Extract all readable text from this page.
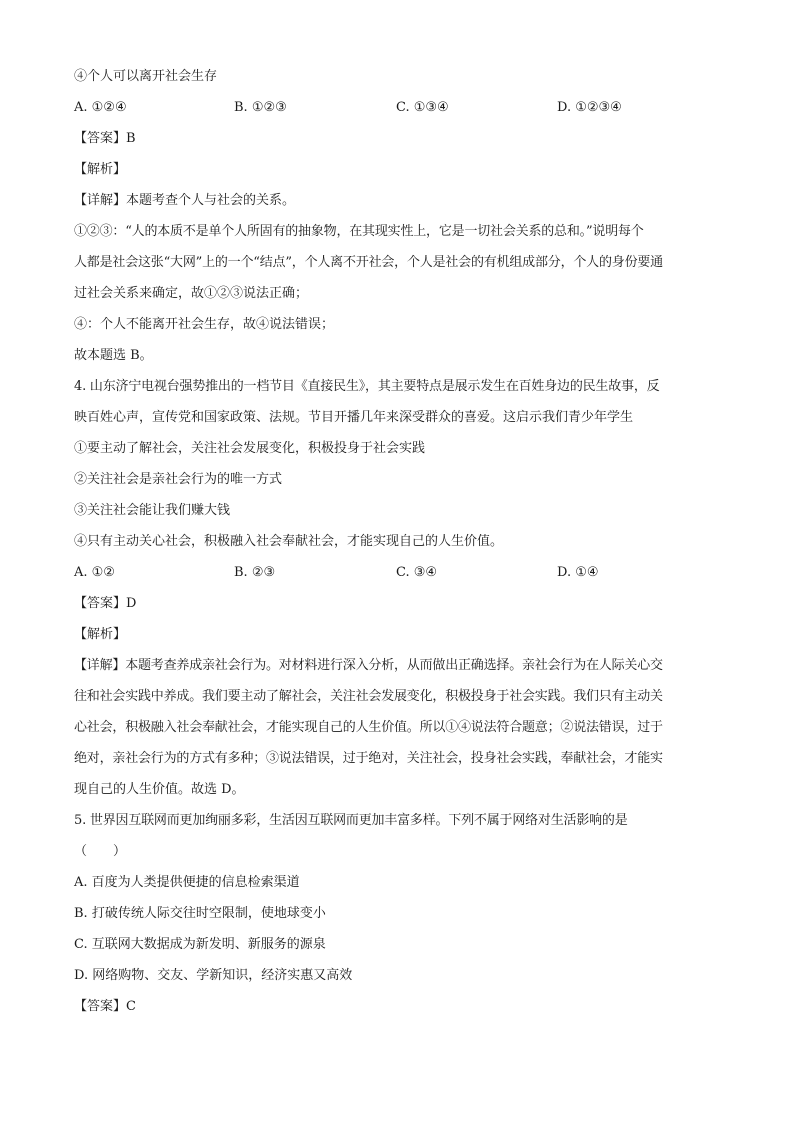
④个人可以离开社会生存
A. ①②④	B. ①②③	C. ①③④	D. ①②③④
【答案】B
【解析】
【详解】本题考查个人与社会的关系。
①②③：“人的本质不是单个人所固有的抽象物，在其现实性上，它是一切社会关系的总和。”说明每个
人都是社会这张“大网”上的一个“结点”，个人离不开社会，个人是社会的有机组成部分，个人的身份要通
过社会关系来确定，故①②③说法正确；
④：个人不能离开社会生存，故④说法错误；
故本题选 B。
4. 山东济宁电视台强势推出的一档节目《直接民生》，其主要特点是展示发生在百姓身边的民生故事，反
映百姓心声，宣传党和国家政策、法规。节目开播几年来深受群众的喜爱。这启示我们青少年学生
①要主动了解社会，关注社会发展变化，积极投身于社会实践
②关注社会是亲社会行为的唯一方式
③关注社会能让我们赚大钱
④只有主动关心社会，积极融入社会奉献社会，才能实现自己的人生价值。
A. ①②	B. ②③	C. ③④	D. ①④
【答案】D
【解析】
【详解】本题考查养成亲社会行为。对材料进行深入分析，从而做出正确选择。亲社会行为在人际关心交
往和社会实践中养成。我们要主动了解社会，关注社会发展变化，积极投身于社会实践。我们只有主动关
心社会，积极融入社会奉献社会，才能实现自己的人生价值。所以①④说法符合题意；②说法错误，过于
绝对，亲社会行为的方式有多种；③说法错误，过于绝对，关注社会，投身社会实践，奉献社会，才能实
现自己的人生价值。故选 D。
5. 世界因互联网而更加绚丽多彩，生活因互联网而更加丰富多样。下列不属于网络对生活影响的是
（　　）
A. 百度为人类提供便捷的信息检索渠道
B. 打破传统人际交往时空限制，使地球变小
C. 互联网大数据成为新发明、新服务的源泉
D. 网络购物、交友、学新知识，经济实惠又高效
【答案】C
